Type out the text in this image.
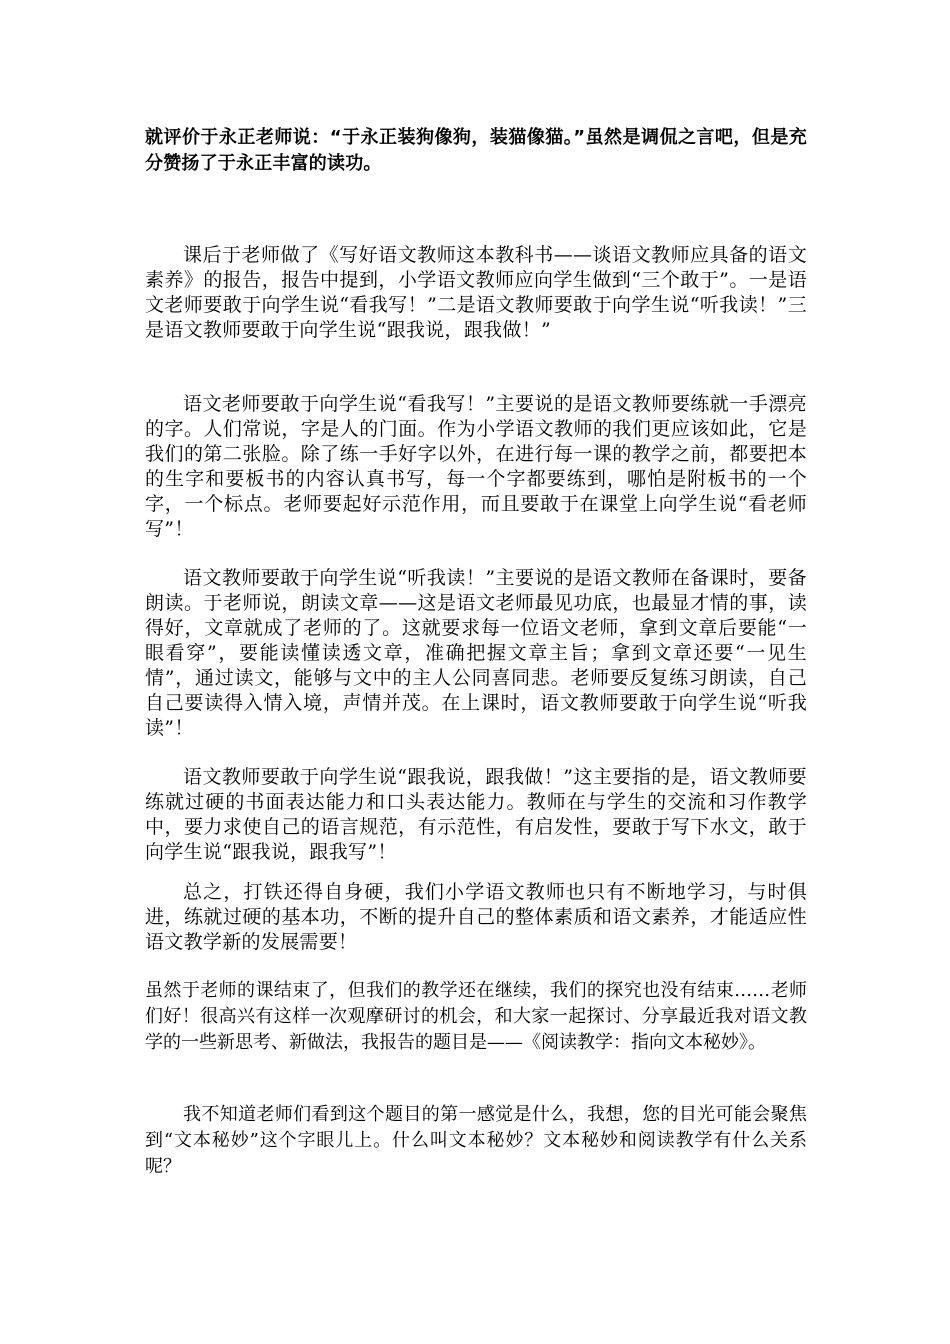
就评价于永正老师说：“于永正装狗像狗，装猫像猫。”虽然是调侃之言吧，但是充分赞扬了于永正丰富的读功。

课后于老师做了《写好语文教师这本教科书——谈语文教师应具备的语文素养》的报告，报告中提到，小学语文教师应向学生做到“三个敢于”。一是语文老师要敢于向学生说“看我写！”二是语文教师要敢于向学生说“听我读！”三是语文教师要敢于向学生说“跟我说，跟我做！”

语文老师要敢于向学生说“看我写！”主要说的是语文教师要练就一手漂亮的字。人们常说，字是人的门面。作为小学语文教师的我们更应该如此，它是我们的第二张脸。除了练一手好字以外，在进行每一课的教学之前，都要把本的生字和要板书的内容认真书写，每一个字都要练到，哪怕是附板书的一个字，一个标点。老师要起好示范作用，而且要敢于在课堂上向学生说“看老师写”！

语文教师要敢于向学生说“听我读！”主要说的是语文教师在备课时，要备朗读。于老师说，朗读文章——这是语文老师最见功底，也最显才情的事，读得好，文章就成了老师的了。这就要求每一位语文老师，拿到文章后要能“一眼看穿”，要能读懂读透文章，准确把握文章主旨；拿到文章还要“一见生情”，通过读文，能够与文中的主人公同喜同悲。老师要反复练习朗读，自己自己要读得入情入境，声情并茂。在上课时，语文教师要敢于向学生说“听我读”！

语文教师要敢于向学生说“跟我说，跟我做！”这主要指的是，语文教师要练就过硬的书面表达能力和口头表达能力。教师在与学生的交流和习作教学中，要力求使自己的语言规范，有示范性，有启发性，要敢于写下水文，敢于向学生说“跟我说，跟我写”！

总之，打铁还得自身硬，我们小学语文教师也只有不断地学习，与时俱进，练就过硬的基本功，不断的提升自己的整体素质和语文素养，才能适应性语文教学新的发展需要！

虽然于老师的课结束了，但我们的教学还在继续，我们的探究也没有结束……老师们好！很高兴有这样一次观摩研讨的机会，和大家一起探讨、分享最近我对语文教学的一些新思考、新做法，我报告的题目是——《阅读教学：指向文本秘妙》。

我不知道老师们看到这个题目的第一感觉是什么，我想，您的目光可能会聚焦到“文本秘妙”这个字眼儿上。什么叫文本秘妙？文本秘妙和阅读教学有什么关系呢？
